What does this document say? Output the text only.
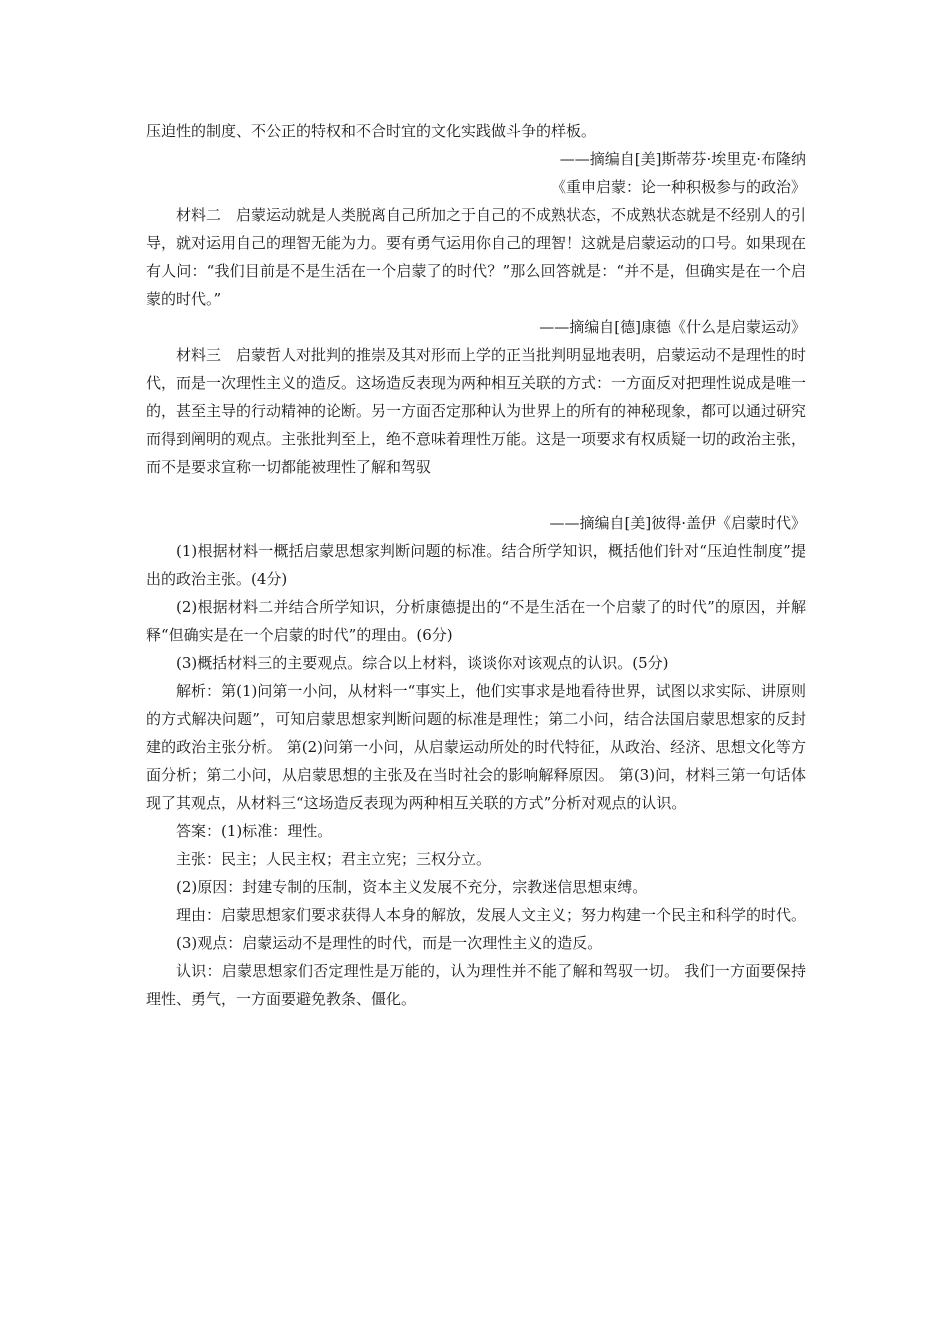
压迫性的制度、不公正的特权和不合时宜的文化实践做斗争的样板。

——摘编自[美]斯蒂芬·埃里克·布隆纳

《重申启蒙：论一种积极参与的政治》

材料二　启蒙运动就是人类脱离自己所加之于自己的不成熟状态，不成熟状态就是不经别人的引导，就对运用自己的理智无能为力。要有勇气运用你自己的理智！这就是启蒙运动的口号。如果现在有人问：“我们目前是不是生活在一个启蒙了的时代？”那么回答就是：“并不是，但确实是在一个启蒙的时代。”

——摘编自[德]康德《什么是启蒙运动》

材料三　启蒙哲人对批判的推崇及其对形而上学的正当批判明显地表明，启蒙运动不是理性的时代，而是一次理性主义的造反。这场造反表现为两种相互关联的方式：一方面反对把理性说成是唯一的，甚至主导的行动精神的论断。另一方面否定那种认为世界上的所有的神秘现象，都可以通过研究而得到阐明的观点。主张批判至上，绝不意味着理性万能。这是一项要求有权质疑一切的政治主张，而不是要求宣称一切都能被理性了解和驾驭

——摘编自[美]彼得·盖伊《启蒙时代》

(1)根据材料一概括启蒙思想家判断问题的标准。结合所学知识，概括他们针对“压迫性制度”提出的政治主张。(4分)

(2)根据材料二并结合所学知识，分析康德提出的“不是生活在一个启蒙了的时代”的原因，并解释“但确实是在一个启蒙的时代”的理由。(6分)

(3)概括材料三的主要观点。综合以上材料，谈谈你对该观点的认识。(5分)

解析：第(1)问第一小问，从材料一“事实上，他们实事求是地看待世界，试图以求实际、讲原则的方式解决问题”，可知启蒙思想家判断问题的标准是理性；第二小问，结合法国启蒙思想家的反封建的政治主张分析。 第(2)问第一小问，从启蒙运动所处的时代特征，从政治、经济、思想文化等方面分析；第二小问，从启蒙思想的主张及在当时社会的影响解释原因。 第(3)问，材料三第一句话体现了其观点，从材料三“这场造反表现为两种相互关联的方式”分析对观点的认识。

答案：(1)标准：理性。

主张：民主；人民主权；君主立宪；三权分立。

(2)原因：封建专制的压制，资本主义发展不充分，宗教迷信思想束缚。

理由：启蒙思想家们要求获得人本身的解放，发展人文主义；努力构建一个民主和科学的时代。

(3)观点：启蒙运动不是理性的时代，而是一次理性主义的造反。

认识：启蒙思想家们否定理性是万能的，认为理性并不能了解和驾驭一切。 我们一方面要保持理性、勇气，一方面要避免教条、僵化。
